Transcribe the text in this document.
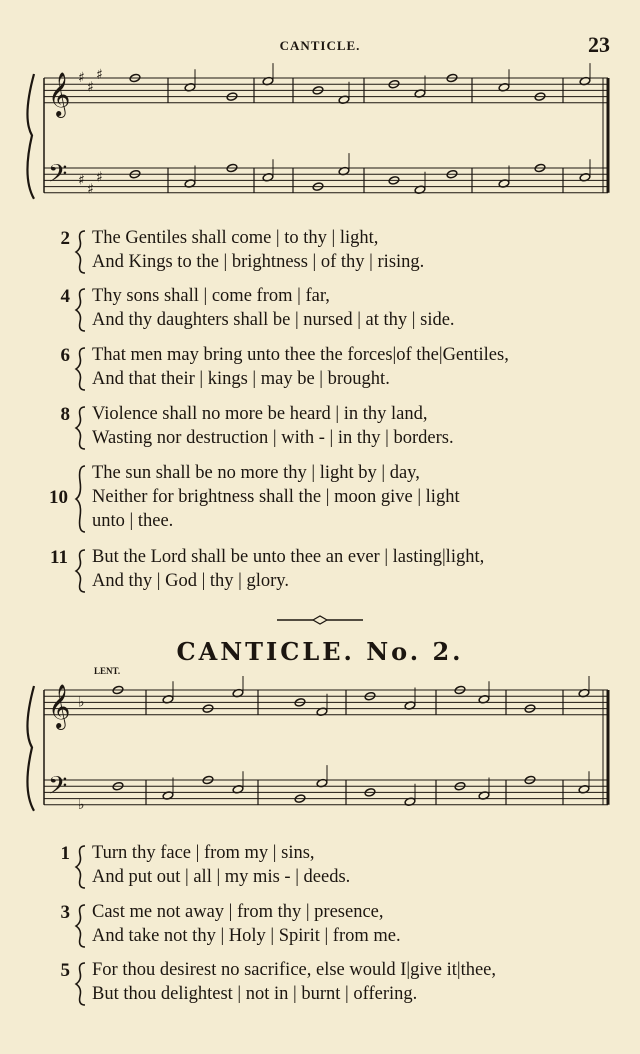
CANTICLE.	23
𝄞 ♯
♯
♯
𝄢 ♯
♯
♯
2 The Gentiles shall come | to thy | light,
And Kings to the | brightness | of thy | rising.
4 Thy sons shall | come from | far,
And thy daughters shall be | nursed | at thy | side.
6 That men may bring unto thee the forces|of the|Gentiles,
And that their | kings | may be | brought.
8 Violence shall no more be heard | in thy land,
Wasting nor destruction | with - | in thy | borders.
10
The sun shall be no more thy | light by | day,
Neither for brightness shall the | moon give | light
unto | thee.
11 But the Lord shall be unto thee an ever | lasting|light,
And thy | God | thy | glory.
CANTICLE. No. 2.
LENT.
𝄞 ♭
𝄢 ♭
1 Turn thy face | from my | sins,
And put out | all | my mis - | deeds.
3 Cast me not away | from thy | presence,
And take not thy | Holy | Spirit | from me.
5 For thou desirest no sacrifice, else would I|give it|thee,
But thou delightest | not in | burnt | offering.
